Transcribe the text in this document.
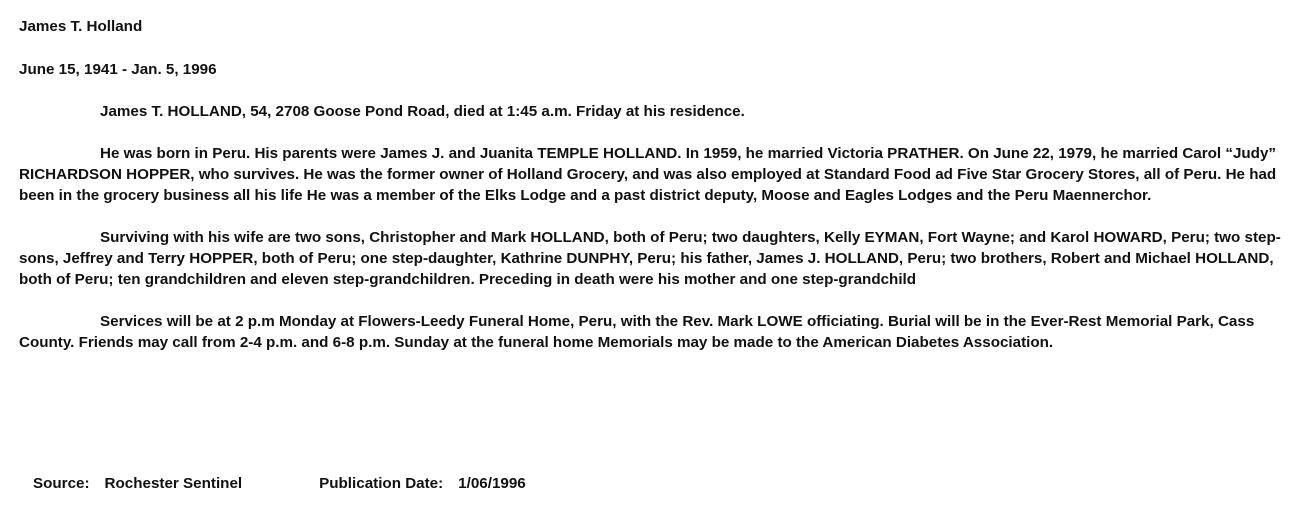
James T. Holland

June 15, 1941 - Jan. 5, 1996

James T. HOLLAND, 54, 2708 Goose Pond Road, died at 1:45 a.m. Friday at his residence.

He was born in Peru. His parents were James J. and Juanita TEMPLE HOLLAND. In 1959, he married Victoria PRATHER. On June 22, 1979, he married Carol “Judy” RICHARDSON HOPPER, who survives. He was the former owner of Holland Grocery, and was also employed at Standard Food ad Five Star Grocery Stores, all of Peru. He had been in the grocery business all his life He was a member of the Elks Lodge and a past district deputy, Moose and Eagles Lodges and the Peru Maennerchor.

Surviving with his wife are two sons, Christopher and Mark HOLLAND, both of Peru; two daughters, Kelly EYMAN, Fort Wayne; and Karol HOWARD, Peru; two step-sons, Jeffrey and Terry HOPPER, both of Peru; one step-daughter, Kathrine DUNPHY, Peru; his father, James J. HOLLAND, Peru; two brothers, Robert and Michael HOLLAND, both of Peru; ten grandchildren and eleven step-grandchildren. Preceding in death were his mother and one step-grandchild

Services will be at 2 p.m Monday at Flowers-Leedy Funeral Home, Peru, with the Rev. Mark LOWE officiating. Burial will be in the Ever-Rest Memorial Park, Cass County. Friends may call from 2-4 p.m. and 6-8 p.m. Sunday at the funeral home Memorials may be made to the American Diabetes Association.

Source: Rochester Sentinel	Publication Date: 1/06/1996
